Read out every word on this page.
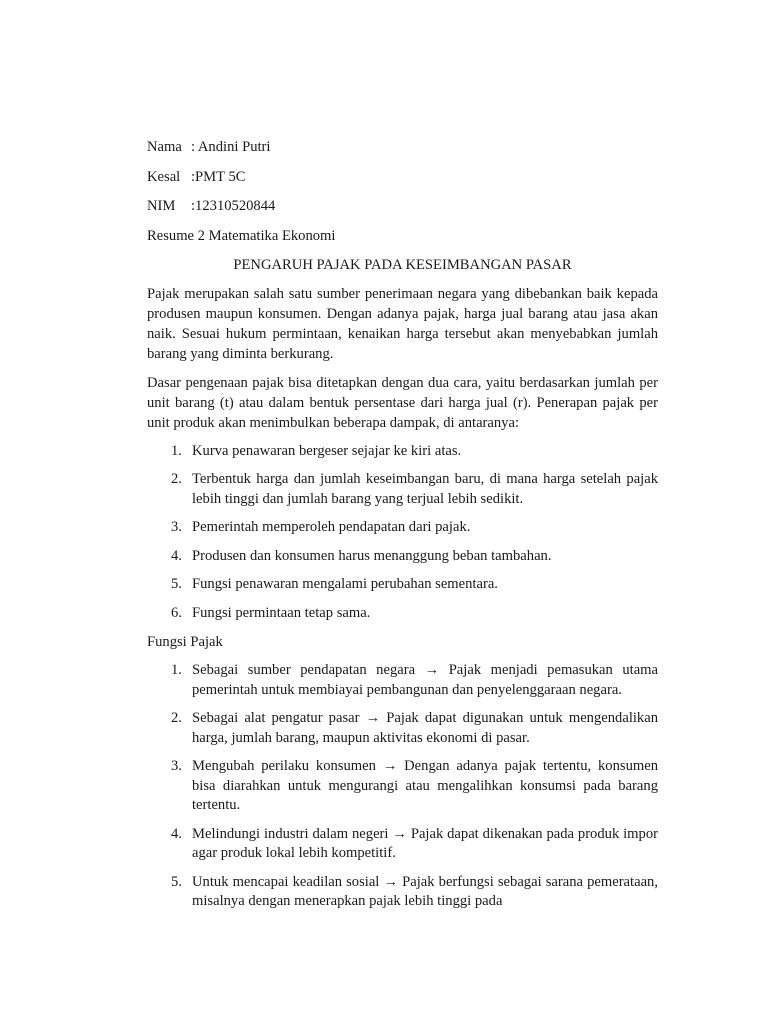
Nama : Andini Putri
Kesal :PMT 5C
NIM	:12310520844
Resume 2 Matematika Ekonomi
PENGARUH PAJAK PADA KESEIMBANGAN PASAR
Pajak merupakan salah satu sumber penerimaan negara yang dibebankan baik kepada produsen maupun konsumen. Dengan adanya pajak, harga jual barang atau jasa akan naik. Sesuai hukum permintaan, kenaikan harga tersebut akan menyebabkan jumlah barang yang diminta berkurang.
Dasar pengenaan pajak bisa ditetapkan dengan dua cara, yaitu berdasarkan jumlah per unit barang (t) atau dalam bentuk persentase dari harga jual (r). Penerapan pajak per unit produk akan menimbulkan beberapa dampak, di antaranya:
1. Kurva penawaran bergeser sejajar ke kiri atas.
2. Terbentuk harga dan jumlah keseimbangan baru, di mana harga setelah pajak lebih tinggi dan jumlah barang yang terjual lebih sedikit.
3. Pemerintah memperoleh pendapatan dari pajak.
4. Produsen dan konsumen harus menanggung beban tambahan.
5. Fungsi penawaran mengalami perubahan sementara.
6. Fungsi permintaan tetap sama.
Fungsi Pajak
1. Sebagai sumber pendapatan negara → Pajak menjadi pemasukan utama pemerintah untuk membiayai pembangunan dan penyelenggaraan negara.
2. Sebagai alat pengatur pasar → Pajak dapat digunakan untuk mengendalikan harga, jumlah barang, maupun aktivitas ekonomi di pasar.
3. Mengubah perilaku konsumen → Dengan adanya pajak tertentu, konsumen bisa diarahkan untuk mengurangi atau mengalihkan konsumsi pada barang tertentu.
4. Melindungi industri dalam negeri → Pajak dapat dikenakan pada produk impor agar produk lokal lebih kompetitif.
5. Untuk mencapai keadilan sosial → Pajak berfungsi sebagai sarana pemerataan, misalnya dengan menerapkan pajak lebih tinggi pada
